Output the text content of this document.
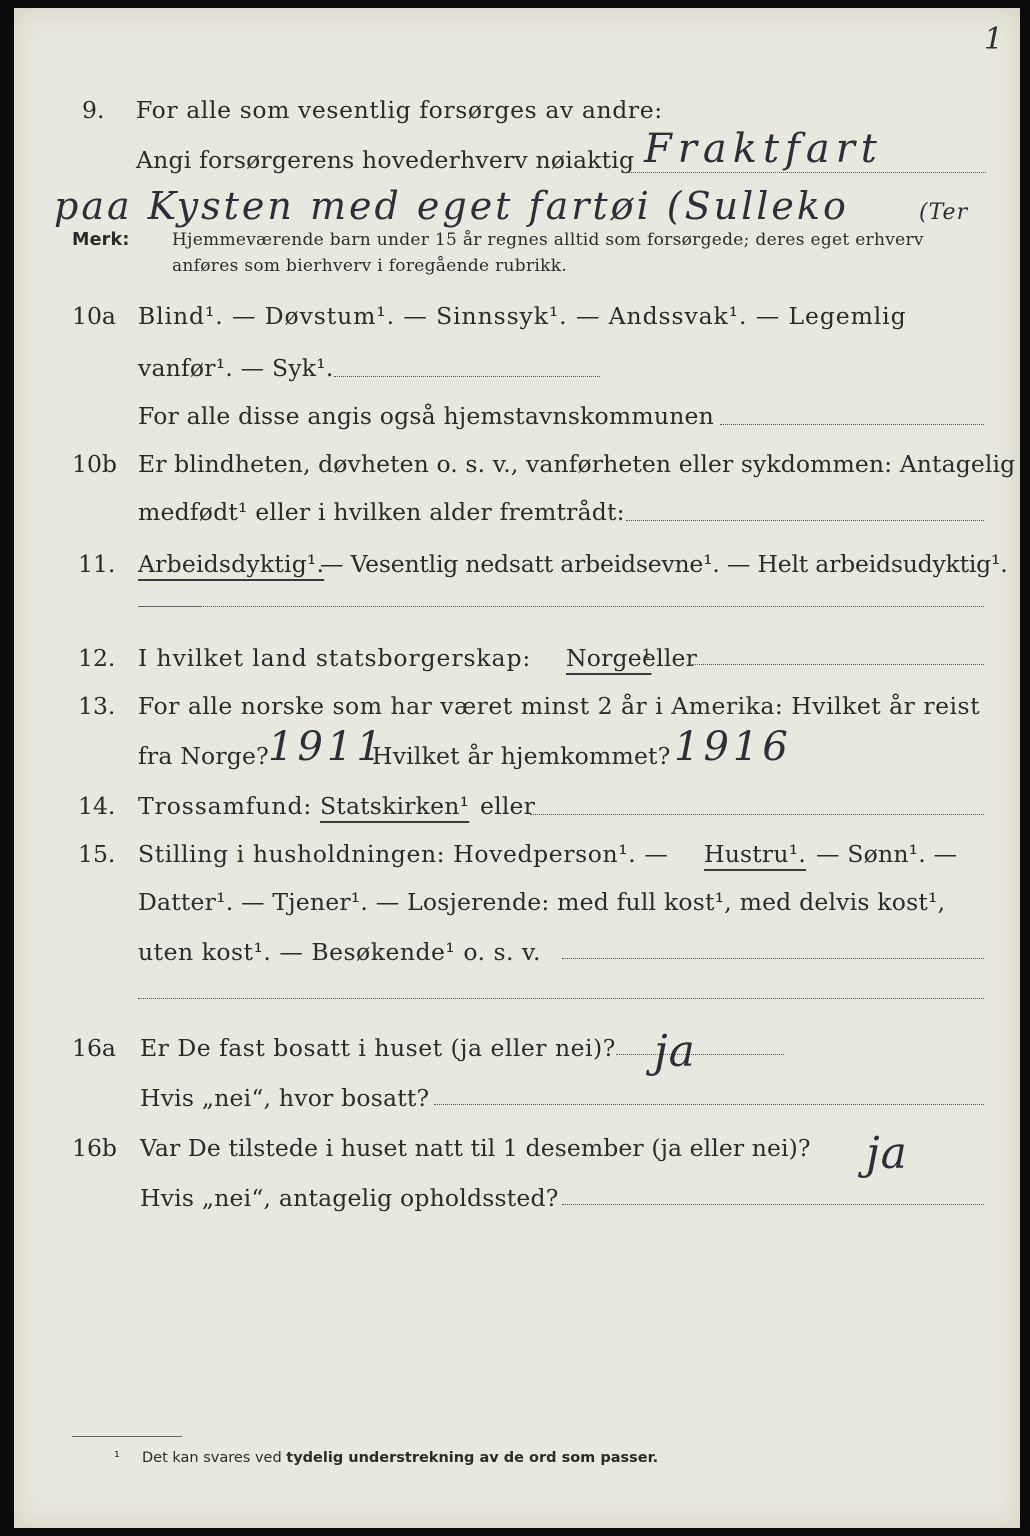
1
9. For alle som vesentlig forsørges av andre:
Angi forsørgerens hovederhverv nøiaktig Fraktfart
paa Kysten med eget fartøi (Sulleko	(Ter
Merk: Hjemmeværende barn under 15 år regnes alltid som forsørgede; deres eget erhverv
anføres som bierhverv i foregående rubrikk.
10a Blind¹. — Døvstum¹. — Sinnssyk¹. — Andssvak¹. — Legemlig
vanfør¹. — Syk¹.
For alle disse angis også hjemstavnskommunen
10b Er blindheten, døvheten o. s. v., vanførheten eller sykdommen: Antagelig
medfødt¹ eller i hvilken alder fremtrådt:
11. Arbeidsdyktig¹.
— Vesentlig nedsatt arbeidsevne¹. — Helt arbeidsudyktig¹.
12. I hvilket land statsborgerskap: Norge¹
eller
13. For alle norske som har været minst 2 år i Amerika: Hvilket år reist
fra Norge? 1911
Hvilket år hjemkommet? 1916
14. Trossamfund: Statskirken¹ eller
15. Stilling i husholdningen: Hovedperson¹. — Hustru¹. — Sønn¹. —
Datter¹. — Tjener¹. — Losjerende: med full kost¹, med delvis kost¹,
uten kost¹. — Besøkende¹ o. s. v.
16a Er De fast bosatt i huset (ja eller nei)? ja
Hvis „nei“, hvor bosatt?
16b Var De tilstede i huset natt til 1 desember (ja eller nei)? ja
Hvis „nei“, antagelig opholdssted?
¹ Det kan svares ved tydelig understrekning av de ord som passer.
